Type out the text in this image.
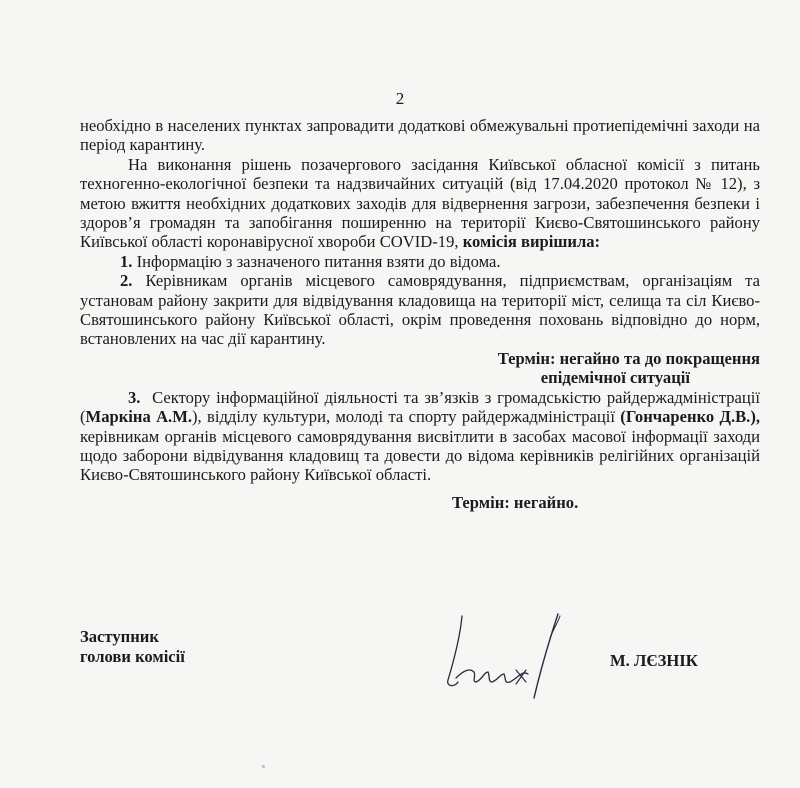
2

необхідно в населених пунктах запровадити додаткові обмежувальні протиепідемічні заходи на період карантину.

На виконання рішень позачергового засідання Київської обласної комісії з питань техногенно-екологічної безпеки та надзвичайних ситуацій (від 17.04.2020 протокол № 12), з метою вжиття необхідних додаткових заходів для відвернення загрози, забезпечення безпеки і здоров’я громадян та запобігання поширенню на території Києво-Святошинського району Київської області коронавірусної хвороби COVID-19, комісія вирішила:

1. Інформацію з зазначеного питання взяти до відома.

2. Керівникам органів місцевого самоврядування, підприємствам, організаціям та установам району закрити для відвідування кладовища на території міст, селища та сіл Києво-Святошинського району Київської області, окрім проведення поховань відповідно до норм, встановлених на час дії карантину.

Термін: негайно та до покращення
епідемічної ситуації

3. Сектору інформаційної діяльності та зв’язків з громадськістю райдержадміністрації (Маркіна А.М.), відділу культури, молоді та спорту райдержадміністрації (Гончаренко Д.В.), керівникам органів місцевого самоврядування висвітлити в засобах масової інформації заходи щодо заборони відвідування кладовищ та довести до відома керівників релігійних організацій Києво-Святошинського району Київської області.

Термін: негайно.

Заступник
голови комісії	М. ЛЄЗНІК
